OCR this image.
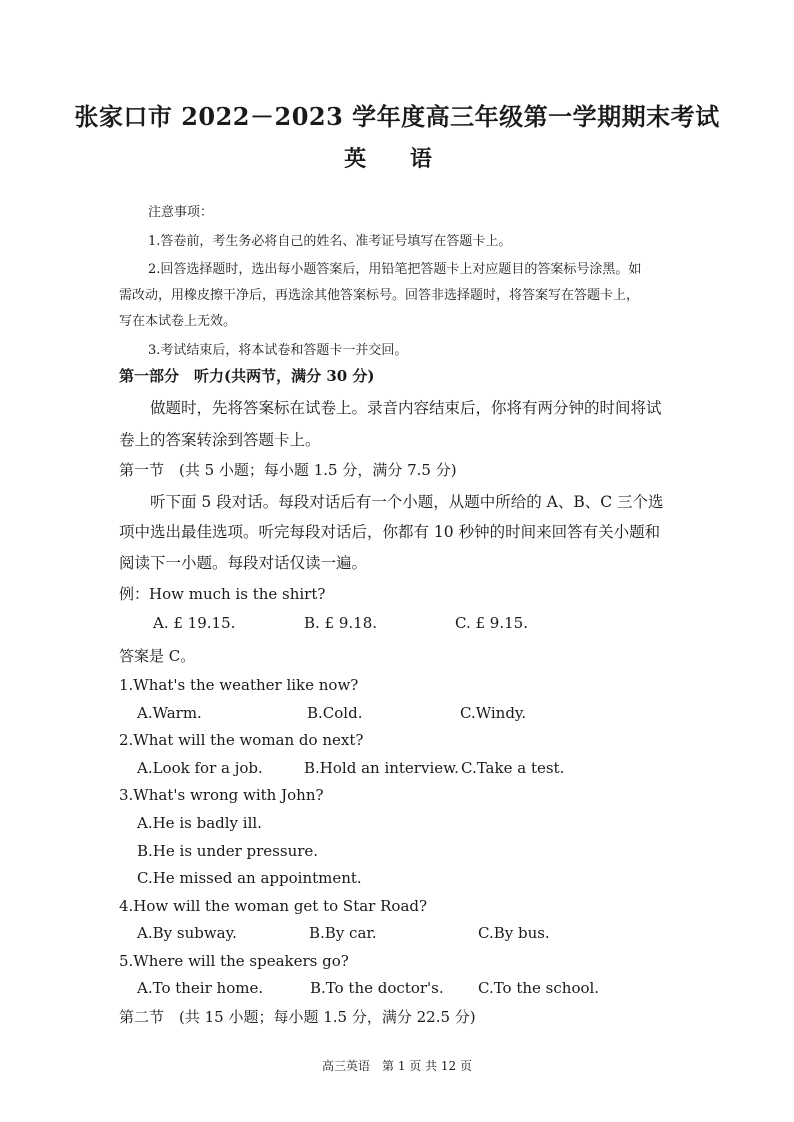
张家口市 2022－2023 学年度高三年级第一学期期末考试
英 语
注意事项：
1.答卷前，考生务必将自己的姓名、准考证号填写在答题卡上。
2.回答选择题时，选出每小题答案后，用铅笔把答题卡上对应题目的答案标号涂黑。如
需改动，用橡皮擦干净后，再选涂其他答案标号。回答非选择题时，将答案写在答题卡上，
写在本试卷上无效。
3.考试结束后，将本试卷和答题卡一并交回。
第一部分　听力(共两节，满分 30 分)
做题时，先将答案标在试卷上。录音内容结束后，你将有两分钟的时间将试
卷上的答案转涂到答题卡上。
第一节　(共 5 小题；每小题 1.5 分，满分 7.5 分)
听下面 5 段对话。每段对话后有一个小题，从题中所给的 A、B、C 三个选
项中选出最佳选项。听完每段对话后，你都有 10 秒钟的时间来回答有关小题和
阅读下一小题。每段对话仅读一遍。
例：How much is the shirt?
A. £ 19.15.	B. £ 9.18.	C. £ 9.15.
答案是 C。
1.What's the weather like now?
A.Warm.	B.Cold.	C.Windy.
2.What will the woman do next?
A.Look for a job.	B.Hold an interview. C.Take a test.
3.What's wrong with John?
A.He is badly ill.
B.He is under pressure.
C.He missed an appointment.
4.How will the woman get to Star Road?
A.By subway.	B.By car.	C.By bus.
5.Where will the speakers go?
A.To their home.	B.To the doctor's. C.To the school.
第二节　(共 15 小题；每小题 1.5 分，满分 22.5 分)
高三英语　第 1 页 共 12 页
